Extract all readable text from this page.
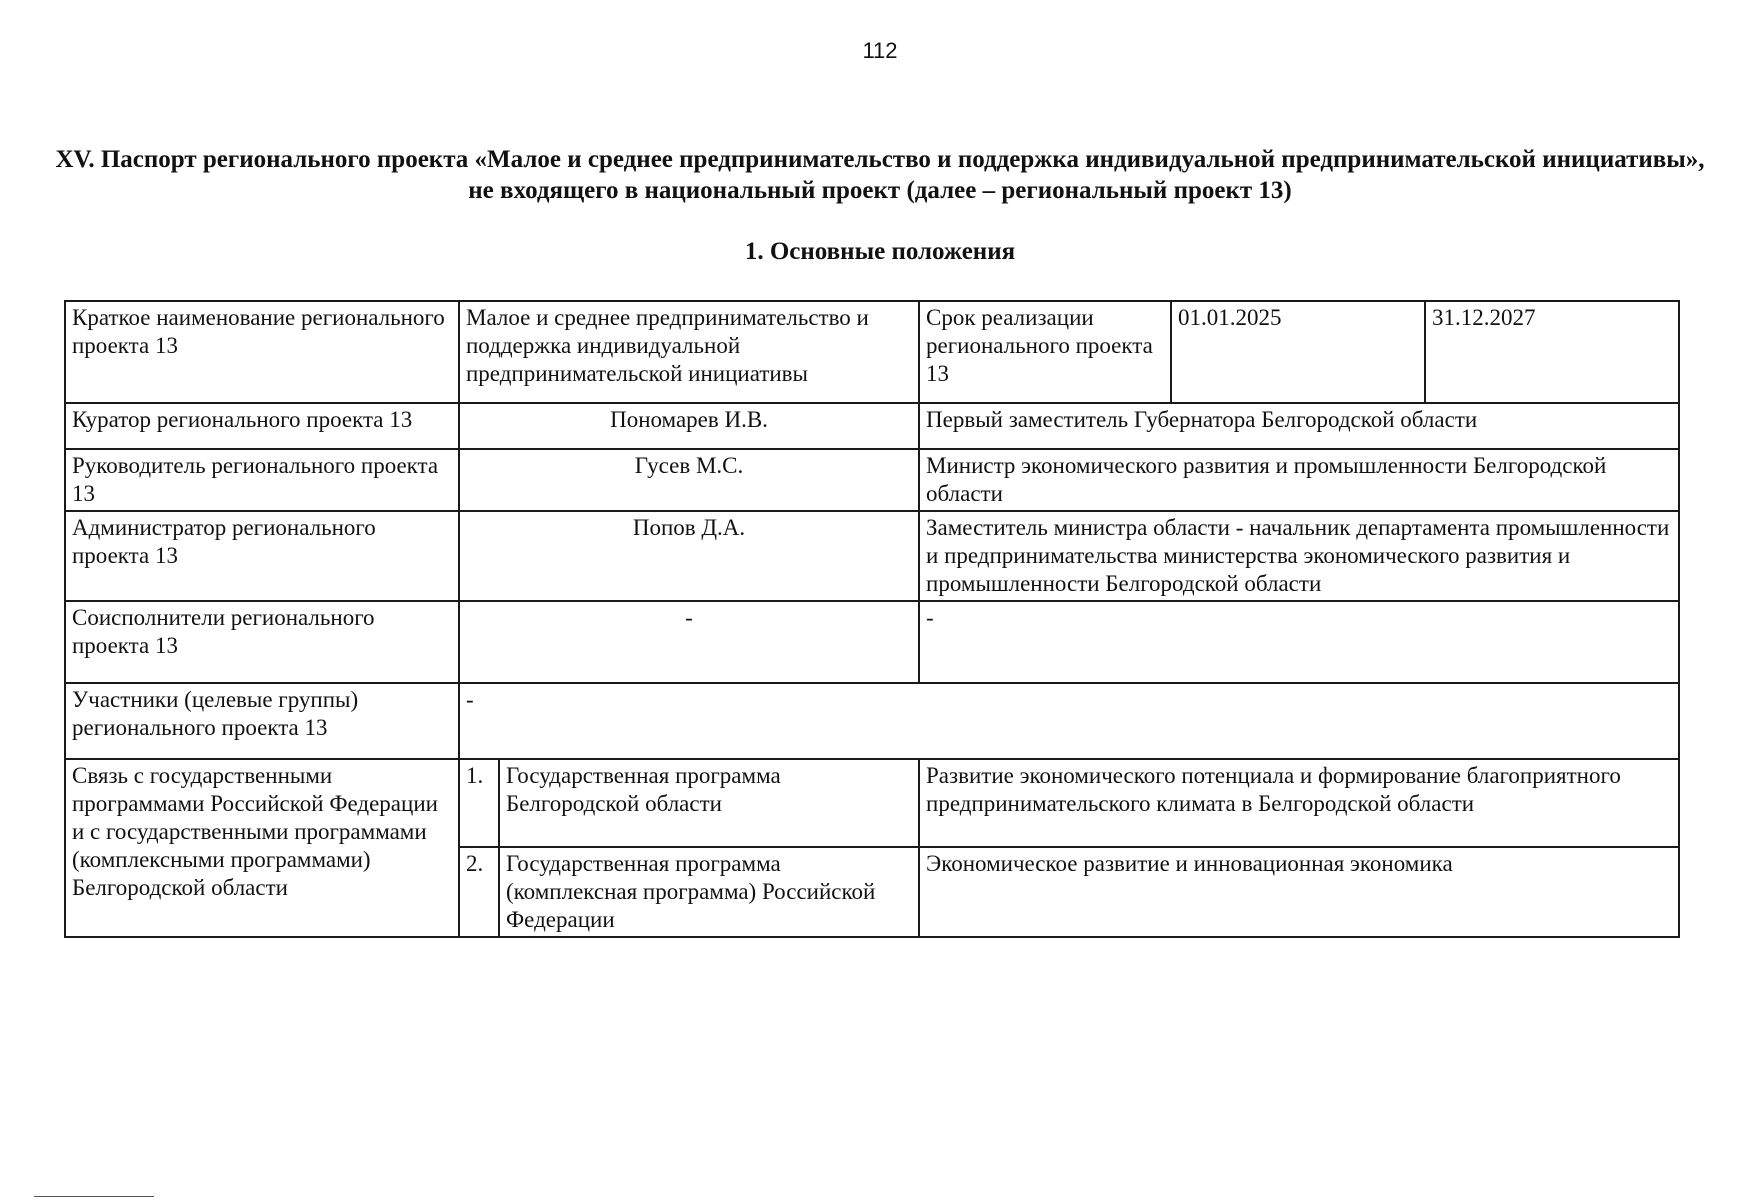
112
XV. Паспорт регионального проекта «Малое и среднее предпринимательство и поддержка индивидуальной предпринимательской инициативы», не входящего в национальный проект (далее – региональный проект 13)
1. Основные положения
Краткое наименование регионального проекта 13	Малое и среднее предпринимательство и поддержка индивидуальной предпринимательской инициативы		Срок реализации регионального проекта 13	01.01.2025	31.12.2027
Куратор регионального проекта 13	Пономарев И.В.		Первый заместитель Губернатора Белгородской области		
Руководитель регионального проекта 13	Гусев М.С.		Министр экономического развития и промышленности Белгородской области		
Администратор регионального проекта 13	Попов Д.А.		Заместитель министра области - начальник департамента промышленности и предпринимательства министерства экономического развития и промышленности Белгородской области		
Соисполнители регионального проекта 13	-		-		
Участники (целевые группы) регионального проекта 13	-				
Связь с государственными программами Российской Федерации и с государственными программами (комплексными программами) Белгородской области	1.	Государственная программа Белгородской области	Развитие экономического потенциала и формирование благоприятного предпринимательского климата в Белгородской области		
	2.	Государственная программа (комплексная программа) Российской Федерации	Экономическое развитие и инновационная экономика		
